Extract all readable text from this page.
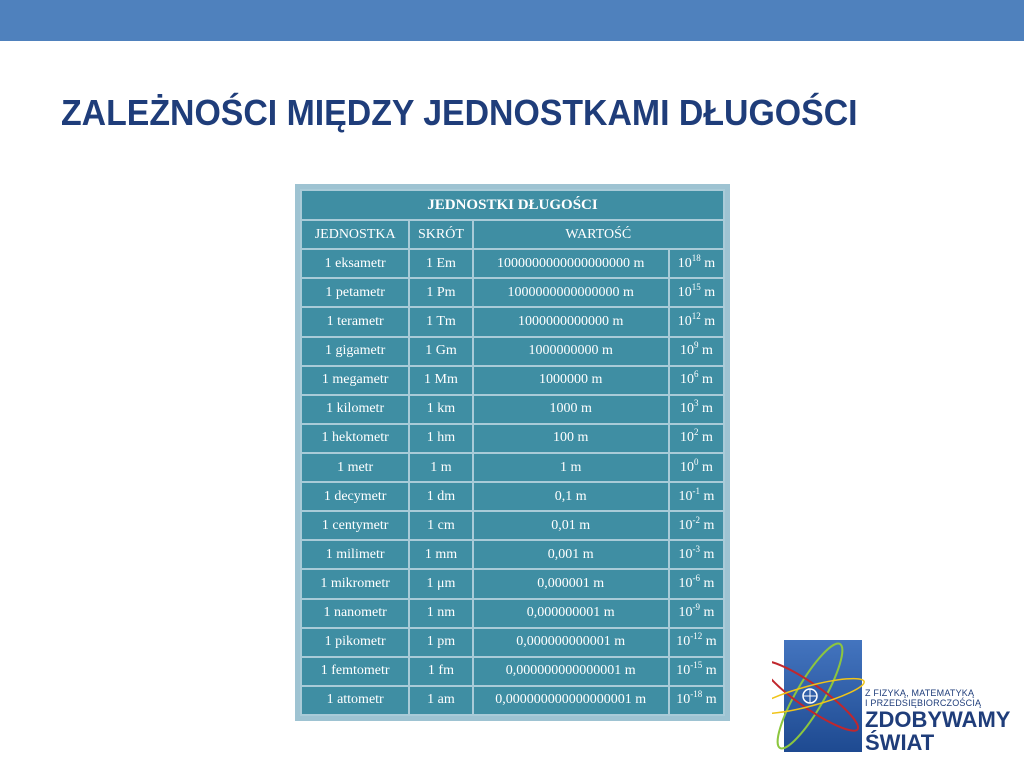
ZALEŻNOŚCI MIĘDZY JEDNOSTKAMI DŁUGOŚCI
JEDNOSTKI DŁUGOŚCI			
JEDNOSTKA	SKRÓT	WARTOŚĆ	
1 eksametr	1 Em	1000000000000000000 m	$10^{18}$ m
1 petametr	1 Pm	1000000000000000 m	$10^{15}$ m
1 terametr	1 Tm	1000000000000 m	$10^{12}$ m
1 gigametr	1 Gm	1000000000 m	$10^9$ m
1 megametr	1 Mm	1000000 m	$10^6$ m
1 kilometr	1 km	1000 m	$10^3$ m
1 hektometr	1 hm	100 m	$10^2$ m
1 metr	1 m	1 m	$10^0$ m
1 decymetr	1 dm	0,1 m	$10^{-1}$ m
1 centymetr	1 cm	0,01 m	$10^{-2}$ m
1 milimetr	1 mm	0,001 m	$10^{-3}$ m
1 mikrometr	1 μm	0,000001 m	$10^{-6}$ m
1 nanometr	1 nm	0,000000001 m	$10^{-9}$ m
1 pikometr	1 pm	0,000000000001 m	$10^{-12}$ m
1 femtometr	1 fm	0,000000000000001 m	$10^{-15}$ m
1 attometr	1 am	0,000000000000000001 m	$10^{-18}$ m	Z FIZYKĄ, MATEMATYKĄ
I PRZEDSIĘBIORCZOŚCIĄ
ZDOBYWAMY
ŚWIAT
